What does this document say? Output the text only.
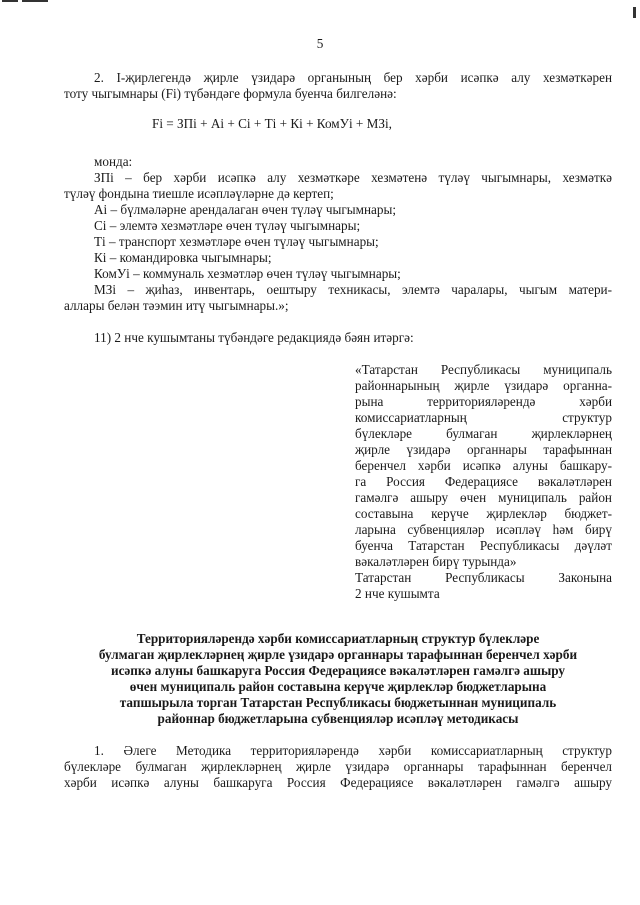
5
2. І-җирлегендә җирле үзидарә органының бер хәрби исәпкә алу хезмәткәрен
тоту чыгымнары (Fі) түбәндәге формула буенча билгеләнә:
Fі = ЗПі + Аі + Сі + Ті + Кі + КомУі + МЗі,
монда:
ЗПі – бер хәрби исәпкә алу хезмәткәре хезмәтенә түләү чыгымнары, хезмәткә
түләү фондына тиешле исәпләүләрне дә кертеп;
Аі – бүлмәләрне арендалаган өчен түләү чыгымнары;
Сі – элемтә хезмәтләре өчен түләү чыгымнары;
Ті – транспорт хезмәтләре өчен түләү чыгымнары;
Кі – командировка чыгымнары;
КомУі – коммуналь хезмәтләр өчен түләү чыгымнары;
МЗі – җиһаз, инвентарь, оештыру техникасы, элемтә чаралары, чыгым матери-
аллары белән тәэмин итү чыгымнары.»;
11) 2 нче кушымтаны түбәндәге редакциядә бәян итәргә:
«Татарстан Республикасы муниципаль
районнарының җирле үзидарә органна-
рына территорияләрендә хәрби
комиссариатларның структур
бүлекләре булмаган җирлекләрнең
җирле үзидарә органнары тарафыннан
беренчел хәрби исәпкә алуны башкару-
га Россия Федерациясе вәкаләтләрен
гамәлгә ашыру өчен муниципаль район
составына керүче җирлекләр бюджет-
ларына субвенцияләр исәпләү һәм бирү
буенча Татарстан Республикасы дәүләт
вәкаләтләрен бирү турында»
Татарстан Республикасы Законына
2 нче кушымта
Территорияләрендә хәрби комиссариатларның структур бүлекләре
булмаган җирлекләрнең җирле үзидарә органнары тарафыннан беренчел хәрби
исәпкә алуны башкаруга Россия Федерациясе вәкаләтләрен гамәлгә ашыру
өчен муниципаль район составына керүче җирлекләр бюджетларына
тапшырыла торган Татарстан Республикасы бюджетыннан муниципаль
районнар бюджетларына субвенцияләр исәпләү методикасы
1. Әлеге Методика территорияләрендә хәрби комиссариатларның структур
бүлекләре булмаган җирлекләрнең җирле үзидарә органнары тарафыннан беренчел
хәрби исәпкә алуны башкаруга Россия Федерациясе вәкаләтләрен гамәлгә ашыру
